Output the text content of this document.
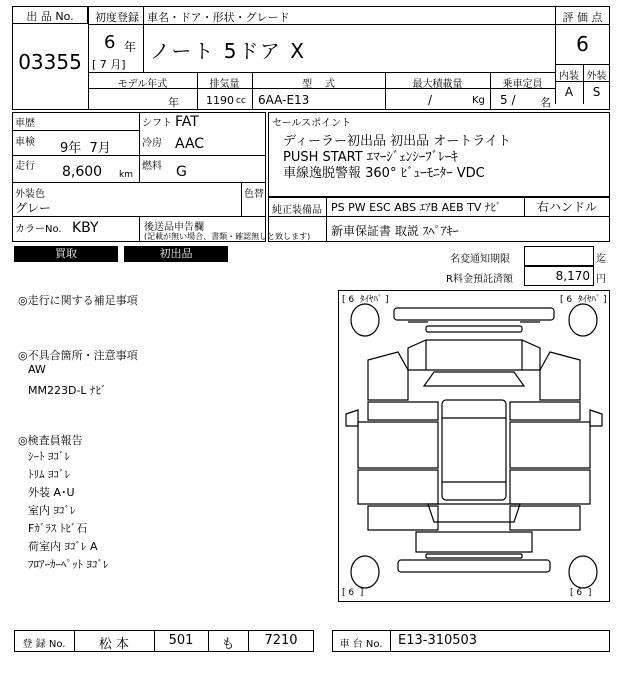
出 品 No.
03355
初度登録
6 年
[ 7 月]
車名・ドア・形状・グレード
ノート 5ドア X
評 価 点
6
内装 外装
A	S
モデル年式	排気量	型    式	最大積載量	乗車定員
年 1190 cc 6AA-E13	/	Kg 5 / 名
車歴
車検 9年  7月
走行 8,600 km
シフト FAT
冷房 AAC
燃料 G
外装色
グレー
色替
カラーNo. KBY	後送品申告欄
(記載が無い場合、書類・確認無しと致します)
セールスポイント
ディーラー初出品 初出品 オートライト
PUSH START ｴﾏｰｼﾞｪﾝｼｰﾌﾞﾚｰｷ
車線逸脱警報 360° ﾋﾞｭｰﾓﾆﾀｰ VDC
純正装備品 PS PW ESC ABS ｴｱB AEB TV ﾅﾋﾞ	右ハンドル
新車保証書 取説 ｽﾍﾟｱｷｰ
買取	初出品	名変通知期限	迄
R料金預託済額	8,170 円
◎走行に関する補足事項
◎不具合箇所・注意事項
AW
MM223D-L ﾅﾋﾞ
◎検査員報告
ｼｰﾄ ﾖｺﾞﾚ
ﾄﾘﾑ ﾖｺﾞﾚ
外装 A･U
室内 ﾖｺﾞﾚ
Fｶﾞﾗｽ ﾄﾋﾞ石
荷室内 ﾖｺﾞﾚ A
ﾌﾛｱｰｶｰﾍﾟｯﾄ ﾖｺﾞﾚ
[ 6  ﾀｲﾔﾊﾞ ]	[ 6  ﾀｲﾔﾊﾞ ]
[ 6  ]	[ 6  ]
登 録 No.	松 本	501	も	7210	車 台 No.	E13-310503
